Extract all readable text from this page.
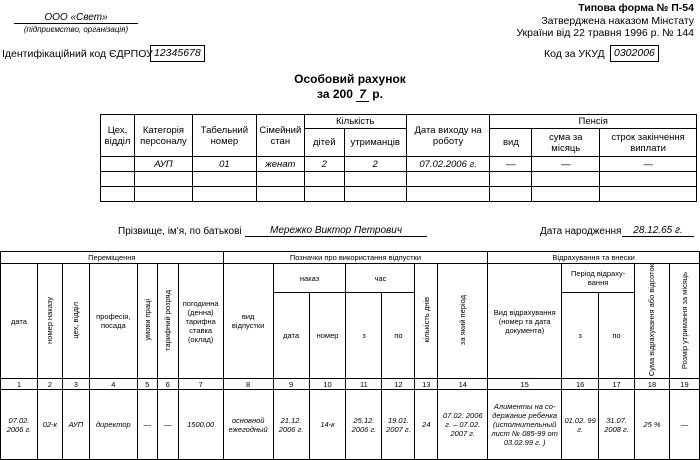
ООО «Свет»
(підприємство, організація)
Типова форма № П-54
Затверджена наказом Мінстату
України від 22 травня 1996 р. № 144
Ідентифікаційний код ЄДРПОУ 12345678	Код за УКУД 0302006
Особовий рахунок
за 200 7 р.
Цех, відділ	Категорія персоналу	Табельний номер	Сімейний стан	Кількість		Дата виходу на роботу	Пенсія		
				дітей	утриманців		вид	сума за місяць	строк закінчення виплати
	АУП	01	женат	2	2	07.02.2006 г.	—	—	—

Прізвище, ім'я, по батькові	Мережко Виктор Петрович	Дата народження	28.12.65 г.
Переміщення							Позначки про використання відпустки							Відрахування та внески				
дата	номер наказу	цех, відділ	професія, посада	умови праці	тарифний розряд	погодинна (денна) тарифна ставка (оклад)	вид відпустки	наказ		час		кількість днів	за який період	Вид відрахування (номер та дата документа)	Період відраху-вання		Сума відрахування або відсоток	Розмір утримання за місяць
								дата	номер	з	по				з	по		
1	2	3	4	5	6	7	8	9	10	11	12	13	14	15	16	17	18	19
07.02. 2006 г.	02-к	АУП	директор	—	—	1500,00	основной ежегодный	21.12. 2006 г.	14-к	25.12. 2006 г.	19.01. 2007 г.	24	07.02. 2006 г. – 07.02. 2007 г.	Алименты на со-держание ребенка (исполнительный лист № 085-99 от 03.02.99 г. )	01.02. 99 г.	31.07. 2008 г.	25 %	—
